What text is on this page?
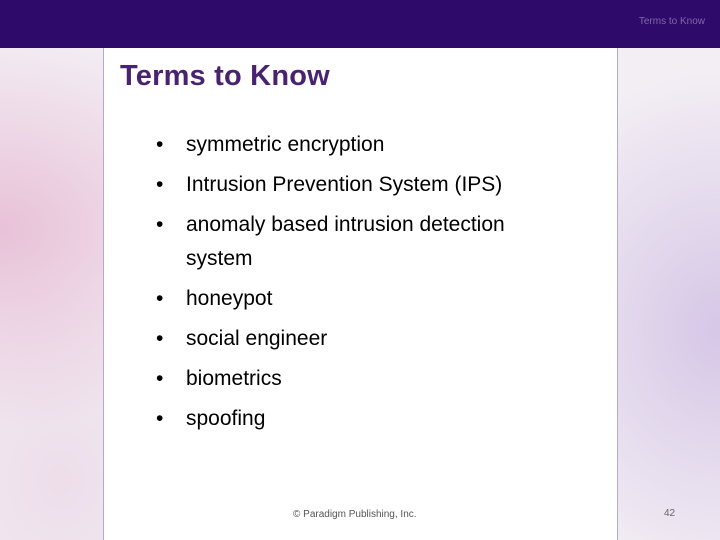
Terms to Know
Terms to Know
• symmetric encryption
• Intrusion Prevention System (IPS)
• anomaly based intrusion detection system
• honeypot
• social engineer
• biometrics
• spoofing
© Paradigm Publishing, Inc.	42
